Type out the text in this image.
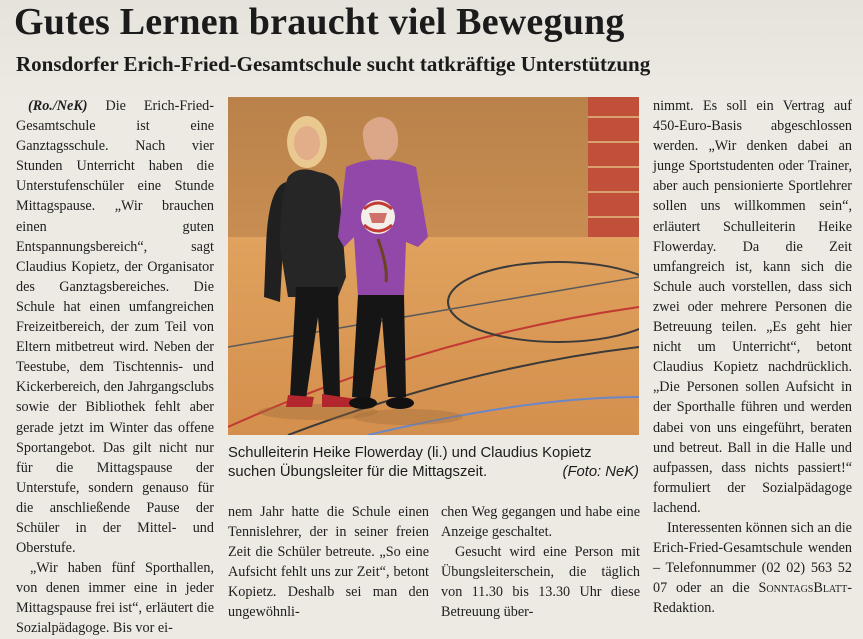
Gutes Lernen braucht viel Bewegung
Ronsdorfer Erich-Fried-Gesamtschule sucht tatkräftige Unterstützung

(Ro./NeK) Die Erich-Fried-Gesamtschule ist eine Ganztagsschule. Nach vier Stunden Unterricht haben die Unterstufenschüler eine Stunde Mittagspause. „Wir brauchen einen guten Entspannungsbereich“, sagt Claudius Kopietz, der Organisator des Ganztagsbereiches. Die Schule hat einen umfangreichen Freizeitbereich, der zum Teil von Eltern mitbetreut wird. Neben der Teestube, dem Tischtennis- und Kickerbereich, den Jahrgangsclubs sowie der Bibliothek fehlt aber gerade jetzt im Winter das offene Sportangebot. Das gilt nicht nur für die Mittagspause der Unterstufe, sondern genauso für die anschließende Pause der Schüler in der Mittel- und Oberstufe.

„Wir haben fünf Sporthallen, von denen immer eine in jeder Mittagspause frei ist“, erläutert die Sozialpädagoge. Bis vor ei-

Schulleiterin Heike Flowerday (li.) und Claudius Kopietz suchen Übungsleiter für die Mittagszeit.	(Foto: NeK)

nem Jahr hatte die Schule einen Tennislehrer, der in seiner freien Zeit die Schüler betreute. „So eine Aufsicht fehlt uns zur Zeit“, betont Kopietz. Deshalb sei man den ungewöhnli-

chen Weg gegangen und habe eine Anzeige geschaltet.

Gesucht wird eine Person mit Übungsleiterschein, die täglich von 11.30 bis 13.30 Uhr diese Betreuung über-

nimmt. Es soll ein Vertrag auf 450-Euro-Basis abgeschlossen werden. „Wir denken dabei an junge Sportstudenten oder Trainer, aber auch pensionierte Sportlehrer sollen uns willkommen sein“, erläutert Schulleiterin Heike Flowerday. Da die Zeit umfangreich ist, kann sich die Schule auch vorstellen, dass sich zwei oder mehrere Personen die Betreuung teilen. „Es geht hier nicht um Unterricht“, betont Claudius Kopietz nachdrücklich. „Die Personen sollen Aufsicht in der Sporthalle führen und werden dabei von uns eingeführt, beraten und betreut. Ball in die Halle und aufpassen, dass nichts passiert!“ formuliert der Sozialpädagoge lachend.

Interessenten können sich an die Erich-Fried-Gesamtschule wenden – Telefonnummer (02 02) 563 52 07 oder an die SonntagsBlatt-Redaktion.
